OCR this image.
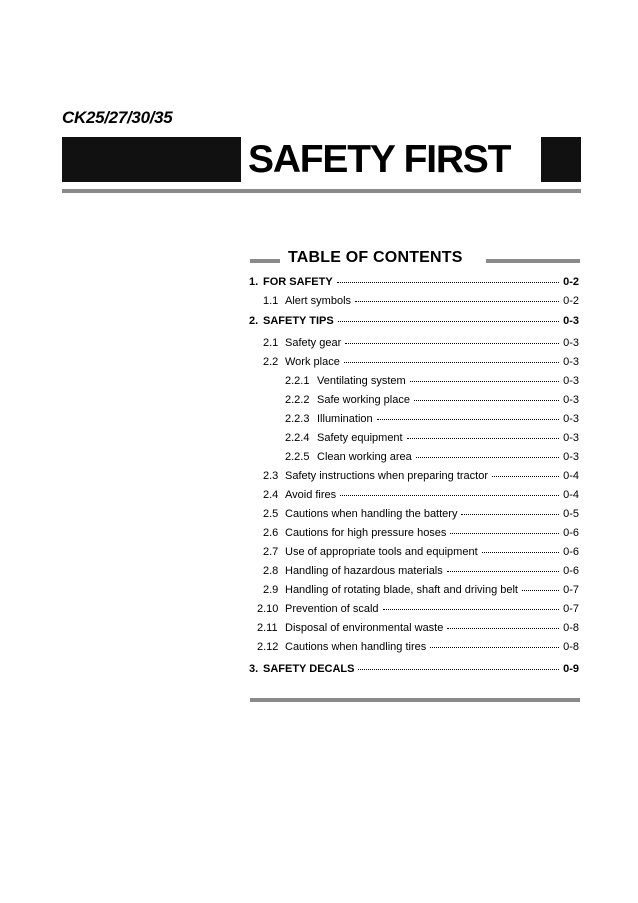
CK25/27/30/35
SAFETY FIRST
TABLE OF CONTENTS
1. FOR SAFETY	0-2
1.1 Alert symbols	0-2
2. SAFETY TIPS	0-3
2.1 Safety gear	0-3
2.2 Work place	0-3
2.2.1 Ventilating system	0-3
2.2.2 Safe working place	0-3
2.2.3 Illumination	0-3
2.2.4 Safety equipment	0-3
2.2.5 Clean working area	0-3
2.3 Safety instructions when preparing tractor	0-4
2.4 Avoid fires	0-4
2.5 Cautions when handling the battery	0-5
2.6 Cautions for high pressure hoses	0-6
2.7 Use of appropriate tools and equipment	0-6
2.8 Handling of hazardous materials	0-6
2.9 Handling of rotating blade, shaft and driving belt	0-7
2.10 Prevention of scald	0-7
2.11 Disposal of environmental waste	0-8
2.12 Cautions when handling tires	0-8
3. SAFETY DECALS	0-9
